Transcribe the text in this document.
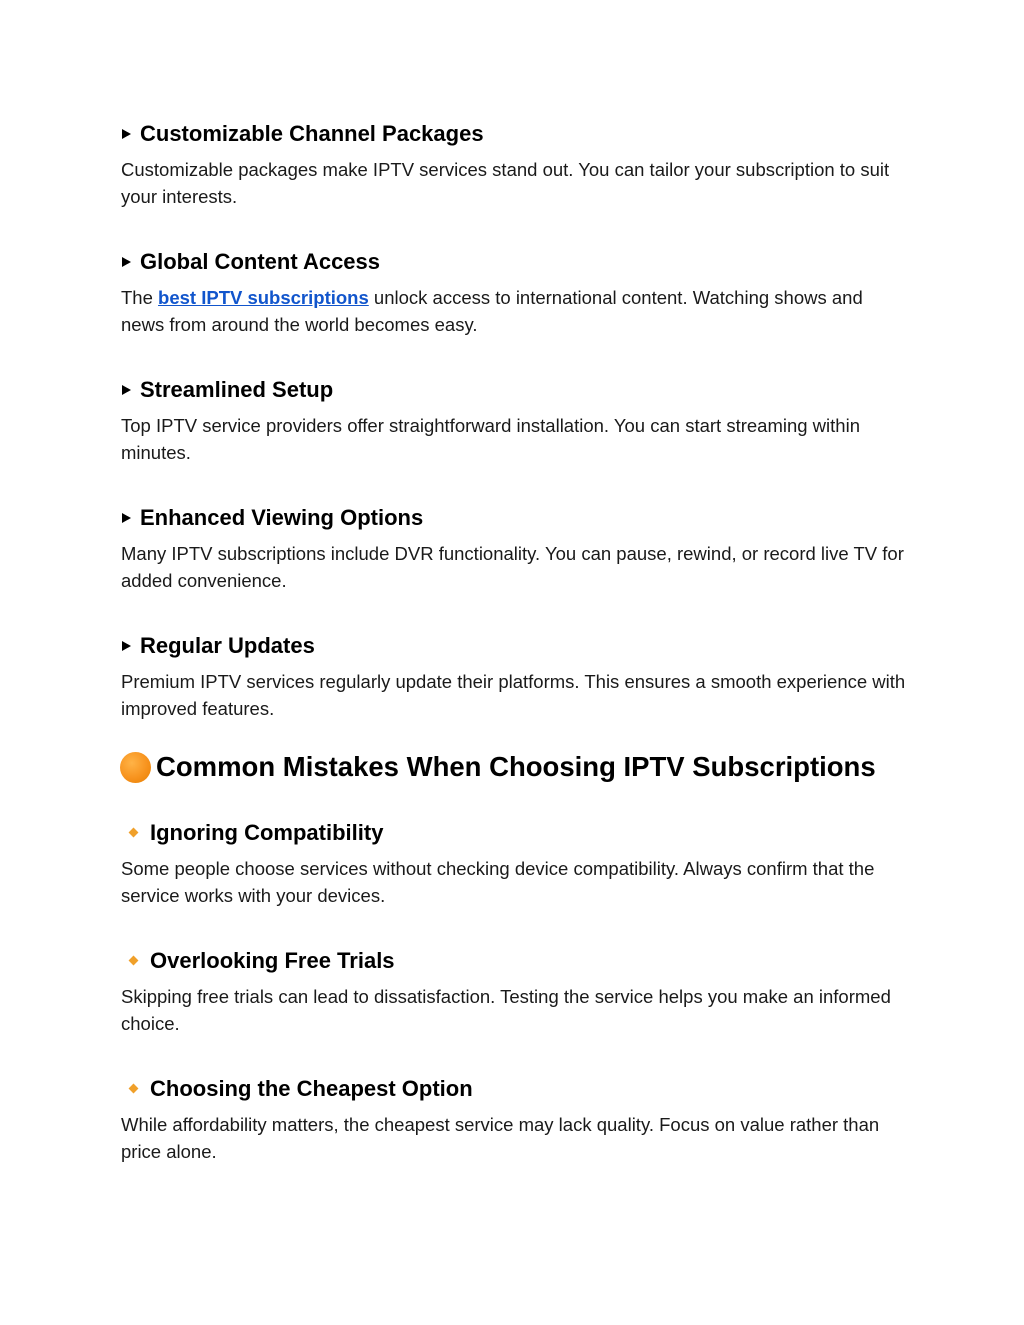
Customizable Channel Packages

Customizable packages make IPTV services stand out. You can tailor your subscription to suit your interests.

Global Content Access

The best IPTV subscriptions unlock access to international content. Watching shows and news from around the world becomes easy.

Streamlined Setup

Top IPTV service providers offer straightforward installation. You can start streaming within minutes.

Enhanced Viewing Options

Many IPTV subscriptions include DVR functionality. You can pause, rewind, or record live TV for added convenience.

Regular Updates

Premium IPTV services regularly update their platforms. This ensures a smooth experience with improved features.

Common Mistakes When Choosing IPTV Subscriptions
Ignoring Compatibility

Some people choose services without checking device compatibility. Always confirm that the service works with your devices.

Overlooking Free Trials

Skipping free trials can lead to dissatisfaction. Testing the service helps you make an informed choice.

Choosing the Cheapest Option

While affordability matters, the cheapest service may lack quality. Focus on value rather than price alone.
